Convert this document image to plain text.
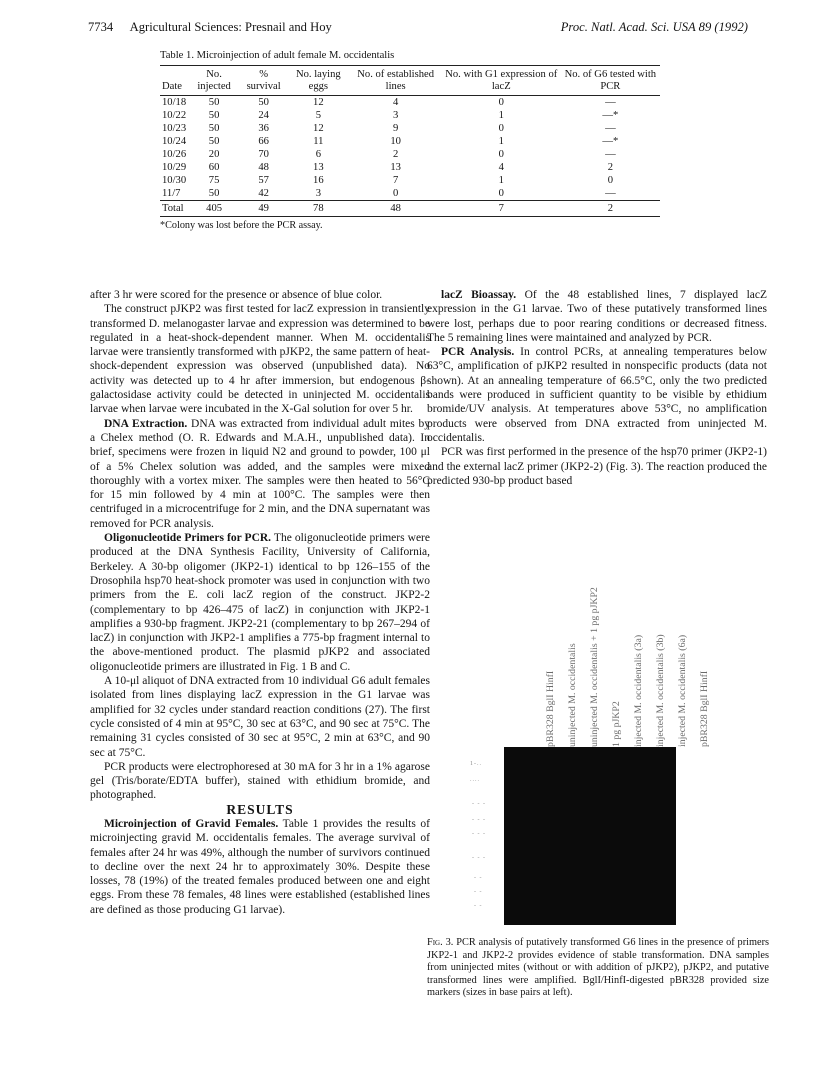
7734 Agricultural Sciences: Presnail and Hoy	Proc. Natl. Acad. Sci. USA 89 (1992)
Table 1. Microinjection of adult female M. occidentalis
Date	No. injected	% survival	No. laying eggs	No. of established lines	No. with G1 expression of lacZ	No. of G6 tested with PCR
10/18	50	50	12	4	0	—
10/22	50	24	5	3	1	—*
10/23	50	36	12	9	0	—
10/24	50	66	11	10	1	—*
10/26	20	70	6	2	0	—
10/29	60	48	13	13	4	2
10/30	75	57	16	7	1	0
11/7	50	42	3	0	0	—
Total	405	49	78	48	7	2
*Colony was lost before the PCR assay.

after 3 hr were scored for the presence or absence of blue color.

The construct pJKP2 was first tested for lacZ expression in transiently transformed D. melanogaster larvae and expression was determined to be regulated in a heat-shock-dependent manner. When M. occidentalis larvae were transiently transformed with pJKP2, the same pattern of heat-shock-dependent expression was observed (unpublished data). No activity was detected up to 4 hr after immersion, but endogenous β-galactosidase activity could be detected in uninjected M. occidentalis larvae when larvae were incubated in the X-Gal solution for over 5 hr.

DNA Extraction. DNA was extracted from individual adult mites by a Chelex method (O. R. Edwards and M.A.H., unpublished data). In brief, specimens were frozen in liquid N2 and ground to powder, 100 μl of a 5% Chelex solution was added, and the samples were mixed thoroughly with a vortex mixer. The samples were then heated to 56°C for 15 min followed by 4 min at 100°C. The samples were then centrifuged in a microcentrifuge for 2 min, and the DNA supernatant was removed for PCR analysis.

Oligonucleotide Primers for PCR. The oligonucleotide primers were produced at the DNA Synthesis Facility, University of California, Berkeley. A 30-bp oligomer (JKP2-1) identical to bp 126–155 of the Drosophila hsp70 heat-shock promoter was used in conjunction with two primers from the E. coli lacZ region of the construct. JKP2-2 (complementary to bp 426–475 of lacZ) in conjunction with JKP2-1 amplifies a 930-bp fragment. JKP2-21 (complementary to bp 267–294 of lacZ) in conjunction with JKP2-1 amplifies a 775-bp fragment internal to the above-mentioned product. The plasmid pJKP2 and associated oligonucleotide primers are illustrated in Fig. 1 B and C.

A 10-μl aliquot of DNA extracted from 10 individual G6 adult females isolated from lines displaying lacZ expression in the G1 larvae was amplified for 32 cycles under standard reaction conditions (27). The first cycle consisted of 4 min at 95°C, 30 sec at 63°C, and 90 sec at 75°C. The remaining 31 cycles consisted of 30 sec at 95°C, 2 min at 63°C, and 90 sec at 75°C.

PCR products were electrophoresed at 30 mA for 3 hr in a 1% agarose gel (Tris/borate/EDTA buffer), stained with ethidium bromide, and photographed.

RESULTS

Microinjection of Gravid Females. Table 1 provides the results of microinjecting gravid M. occidentalis females. The average survival of females after 24 hr was 49%, although the number of survivors continued to decline over the next 24 hr to approximately 30%. Despite these losses, 78 (19%) of the treated females produced between one and eight eggs. From these 78 females, 48 lines were established (established lines are defined as those producing G1 larvae).

lacZ Bioassay. Of the 48 established lines, 7 displayed lacZ expression in the G1 larvae. Two of these putatively transformed lines were lost, perhaps due to poor rearing conditions or decreased fitness. The 5 remaining lines were maintained and analyzed by PCR.

PCR Analysis. In control PCRs, at annealing temperatures below 63°C, amplification of pJKP2 resulted in nonspecific products (data not shown). At an annealing temperature of 66.5°C, only the two predicted bands were produced in sufficient quantity to be visible by ethidium bromide/UV analysis. At temperatures above 53°C, no amplification products were observed from DNA extracted from uninjected M. occidentalis.

PCR was first performed in the presence of the hsp70 primer (JKP2-1) and the external lacZ primer (JKP2-2) (Fig. 3). The reaction produced the predicted 930-bp product based

pBR328 BglI HinfI uninjected M. occidentalis uninjected M. occidentalis + 1 pg pJKP2 1 pg pJKP2 injected M. occidentalis (3a) injected M. occidentalis (3b) injected M. occidentalis (6a) pBR328 BglI HinfI
1-..
....
- - -
- - -
- - -
- - -
- -
- -
- -
Fig. 3. PCR analysis of putatively transformed G6 lines in the presence of primers JKP2-1 and JKP2-2 provides evidence of stable transformation. DNA samples from uninjected mites (without or with addition of pJKP2), pJKP2, and putative transformed lines were amplified. BglI/HinfI-digested pBR328 provided size markers (sizes in base pairs at left).
